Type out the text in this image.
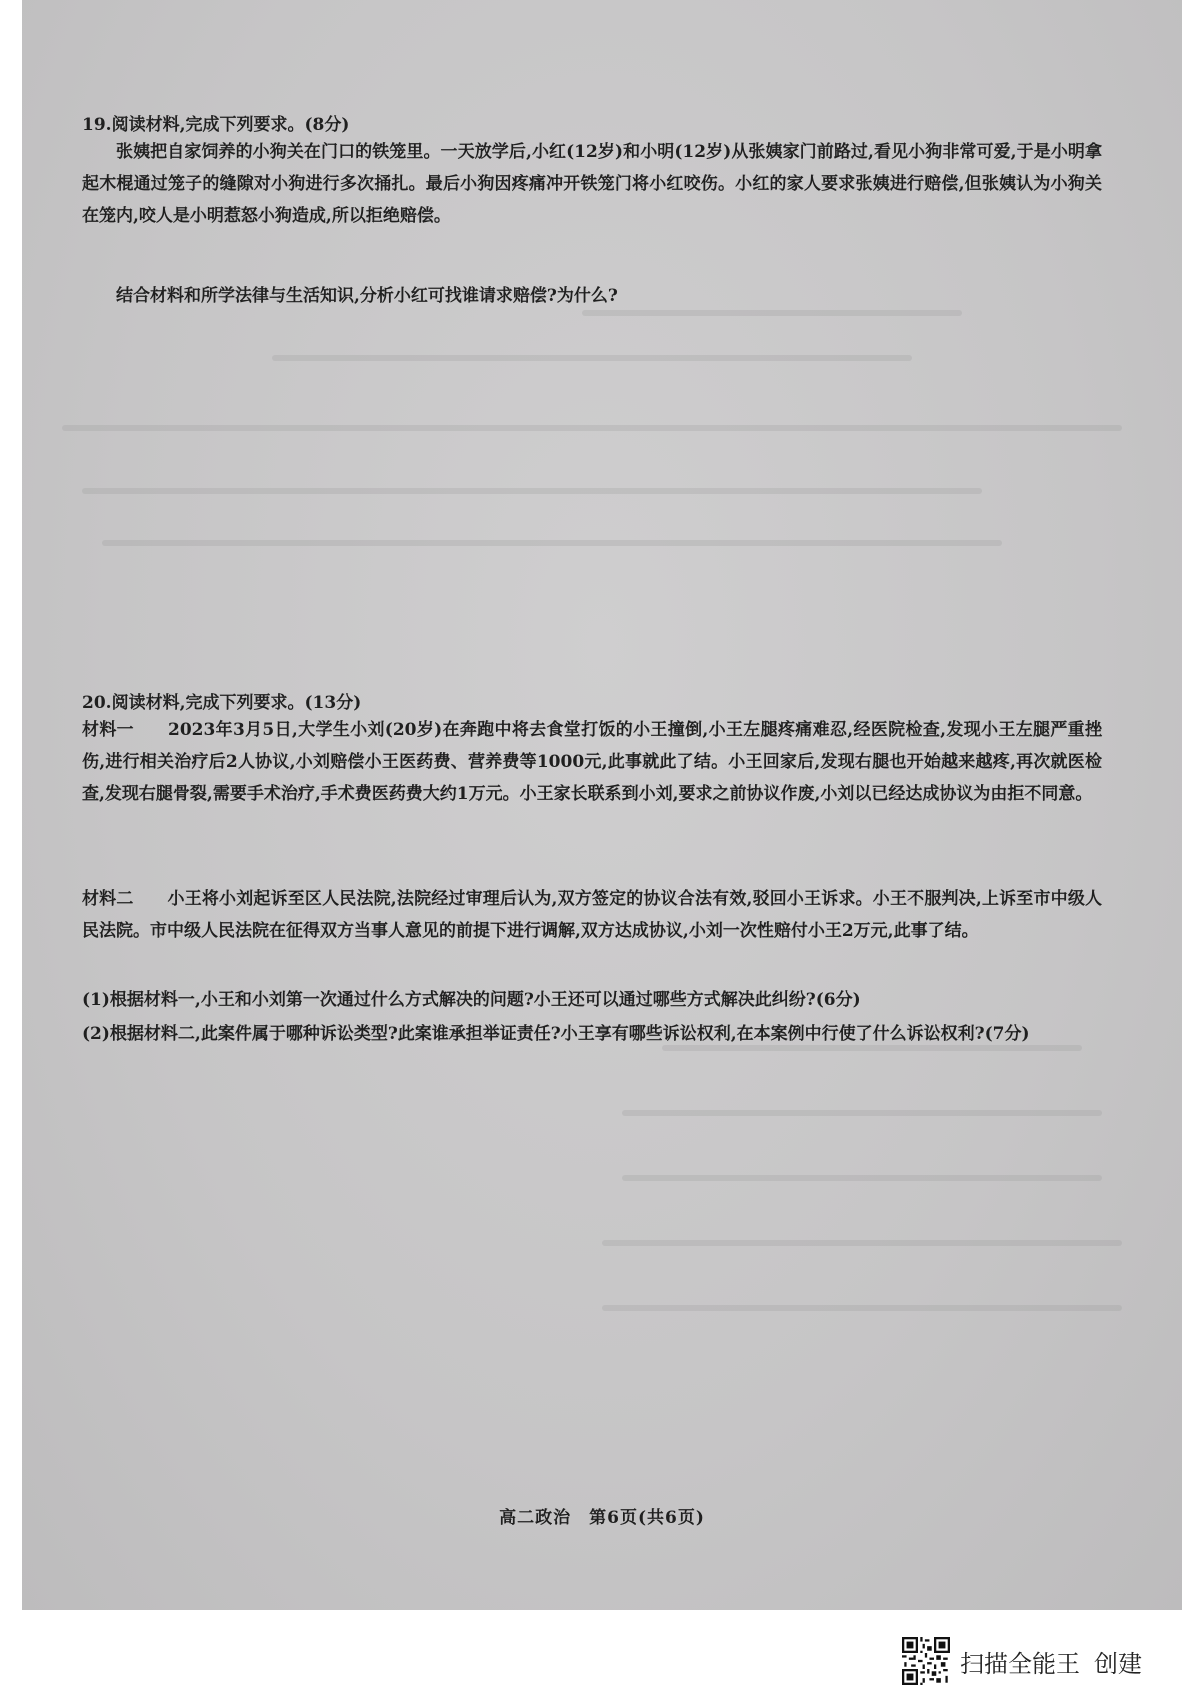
19.阅读材料,完成下列要求。(8分)
张姨把自家饲养的小狗关在门口的铁笼里。一天放学后,小红(12岁)和小明(12岁)从张姨家门前路过,看见小狗非常可爱,于是小明拿起木棍通过笼子的缝隙对小狗进行多次捅扎。最后小狗因疼痛冲开铁笼门将小红咬伤。小红的家人要求张姨进行赔偿,但张姨认为小狗关在笼内,咬人是小明惹怒小狗造成,所以拒绝赔偿。
结合材料和所学法律与生活知识,分析小红可找谁请求赔偿?为什么?
20.阅读材料,完成下列要求。(13分)
材料一 2023年3月5日,大学生小刘(20岁)在奔跑中将去食堂打饭的小王撞倒,小王左腿疼痛难忍,经医院检查,发现小王左腿严重挫伤,进行相关治疗后2人协议,小刘赔偿小王医药费、营养费等1000元,此事就此了结。小王回家后,发现右腿也开始越来越疼,再次就医检查,发现右腿骨裂,需要手术治疗,手术费医药费大约1万元。小王家长联系到小刘,要求之前协议作废,小刘以已经达成协议为由拒不同意。
材料二 小王将小刘起诉至区人民法院,法院经过审理后认为,双方签定的协议合法有效,驳回小王诉求。小王不服判决,上诉至市中级人民法院。市中级人民法院在征得双方当事人意见的前提下进行调解,双方达成协议,小刘一次性赔付小王2万元,此事了结。
(1)根据材料一,小王和小刘第一次通过什么方式解决的问题?小王还可以通过哪些方式解决此纠纷?(6分)
(2)根据材料二,此案件属于哪种诉讼类型?此案谁承担举证责任?小王享有哪些诉讼权利,在本案例中行使了什么诉讼权利?(7分)
高二政治 第6页(共6页)
扫描全能王 创建
